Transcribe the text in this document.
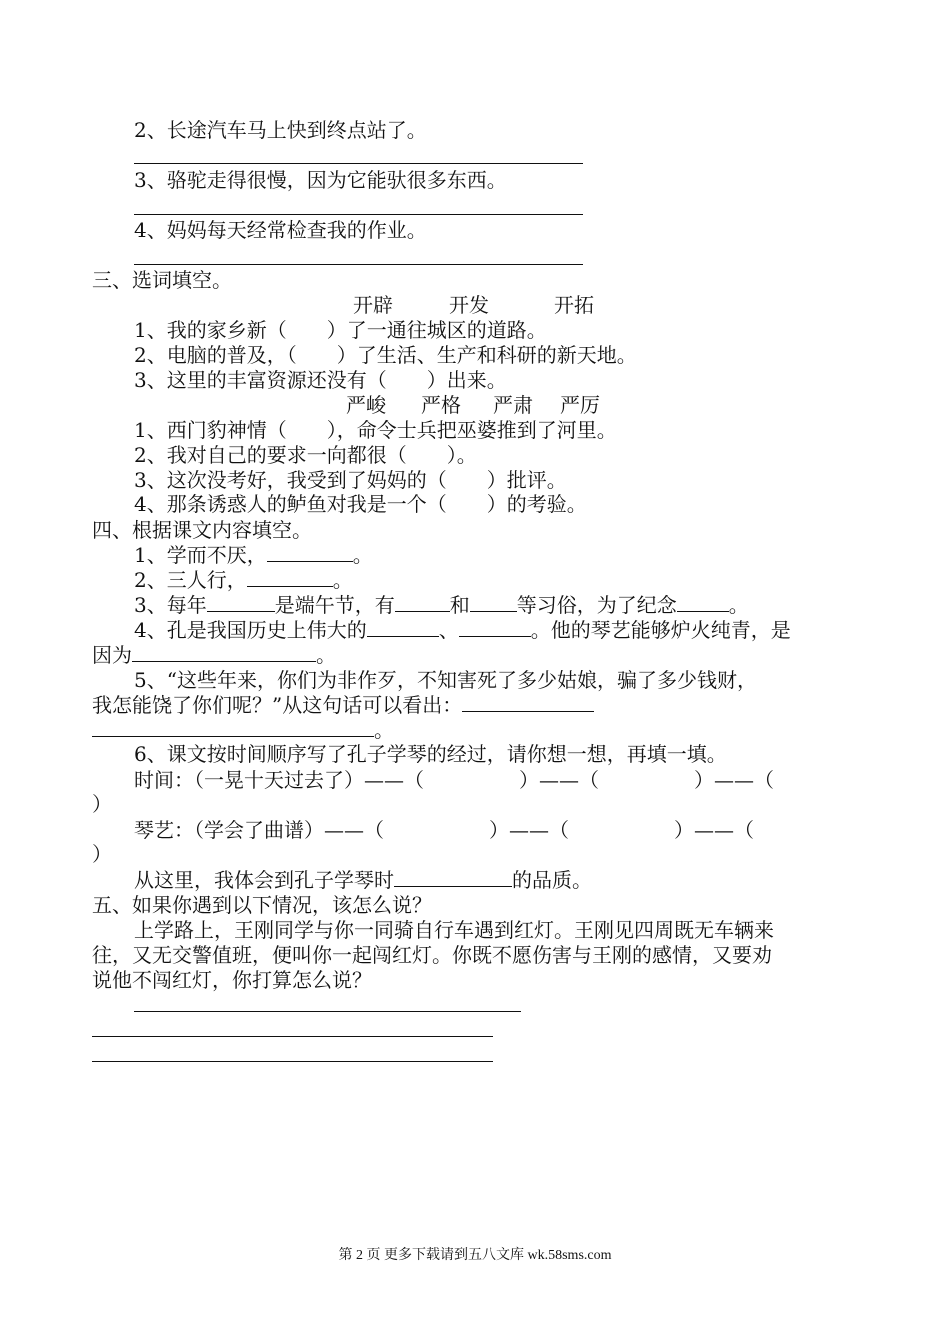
2、长途汽车马上快到终点站了。
3、骆驼走得很慢，因为它能驮很多东西。
4、妈妈每天经常检查我的作业。
三、选词填空。
开辟	开发	开拓
1、我的家乡新（　　）了一通往城区的道路。
2、电脑的普及，（　　）了生活、生产和科研的新天地。
3、这里的丰富资源还没有（　　）出来。
严峻 严格 严肃 严厉
1、西门豹神情（　　），命令士兵把巫婆推到了河里。
2、我对自己的要求一向都很（　　）。
3、这次没考好，我受到了妈妈的（　　）批评。
4、那条诱惑人的鲈鱼对我是一个（　　）的考验。
四、根据课文内容填空。
1、学而不厌，	。
2、三人行，	。
3、每年	是端午节，有	和 等习俗，为了纪念	。
4、孔是我国历史上伟大的	、	。他的琴艺能够炉火纯青，是
因为	。
5、“这些年来，你们为非作歹，不知害死了多少姑娘，骗了多少钱财，
我怎能饶了你们呢？”从这句话可以看出：
。
6、课文按时间顺序写了孔子学琴的经过，请你想一想，再填一填。
时间：（一晃十天过去了）——（	）——（	）——（
）
琴艺：（学会了曲谱）——（	）——（	）——（
）
从这里，我体会到孔子学琴时	的品质。
五、如果你遇到以下情况，该怎么说？
上学路上，王刚同学与你一同骑自行车遇到红灯。王刚见四周既无车辆来
往，又无交警值班，便叫你一起闯红灯。你既不愿伤害与王刚的感情，又要劝
说他不闯红灯，你打算怎么说？
第 2 页 更多下载请到五八文库 wk.58sms.com
